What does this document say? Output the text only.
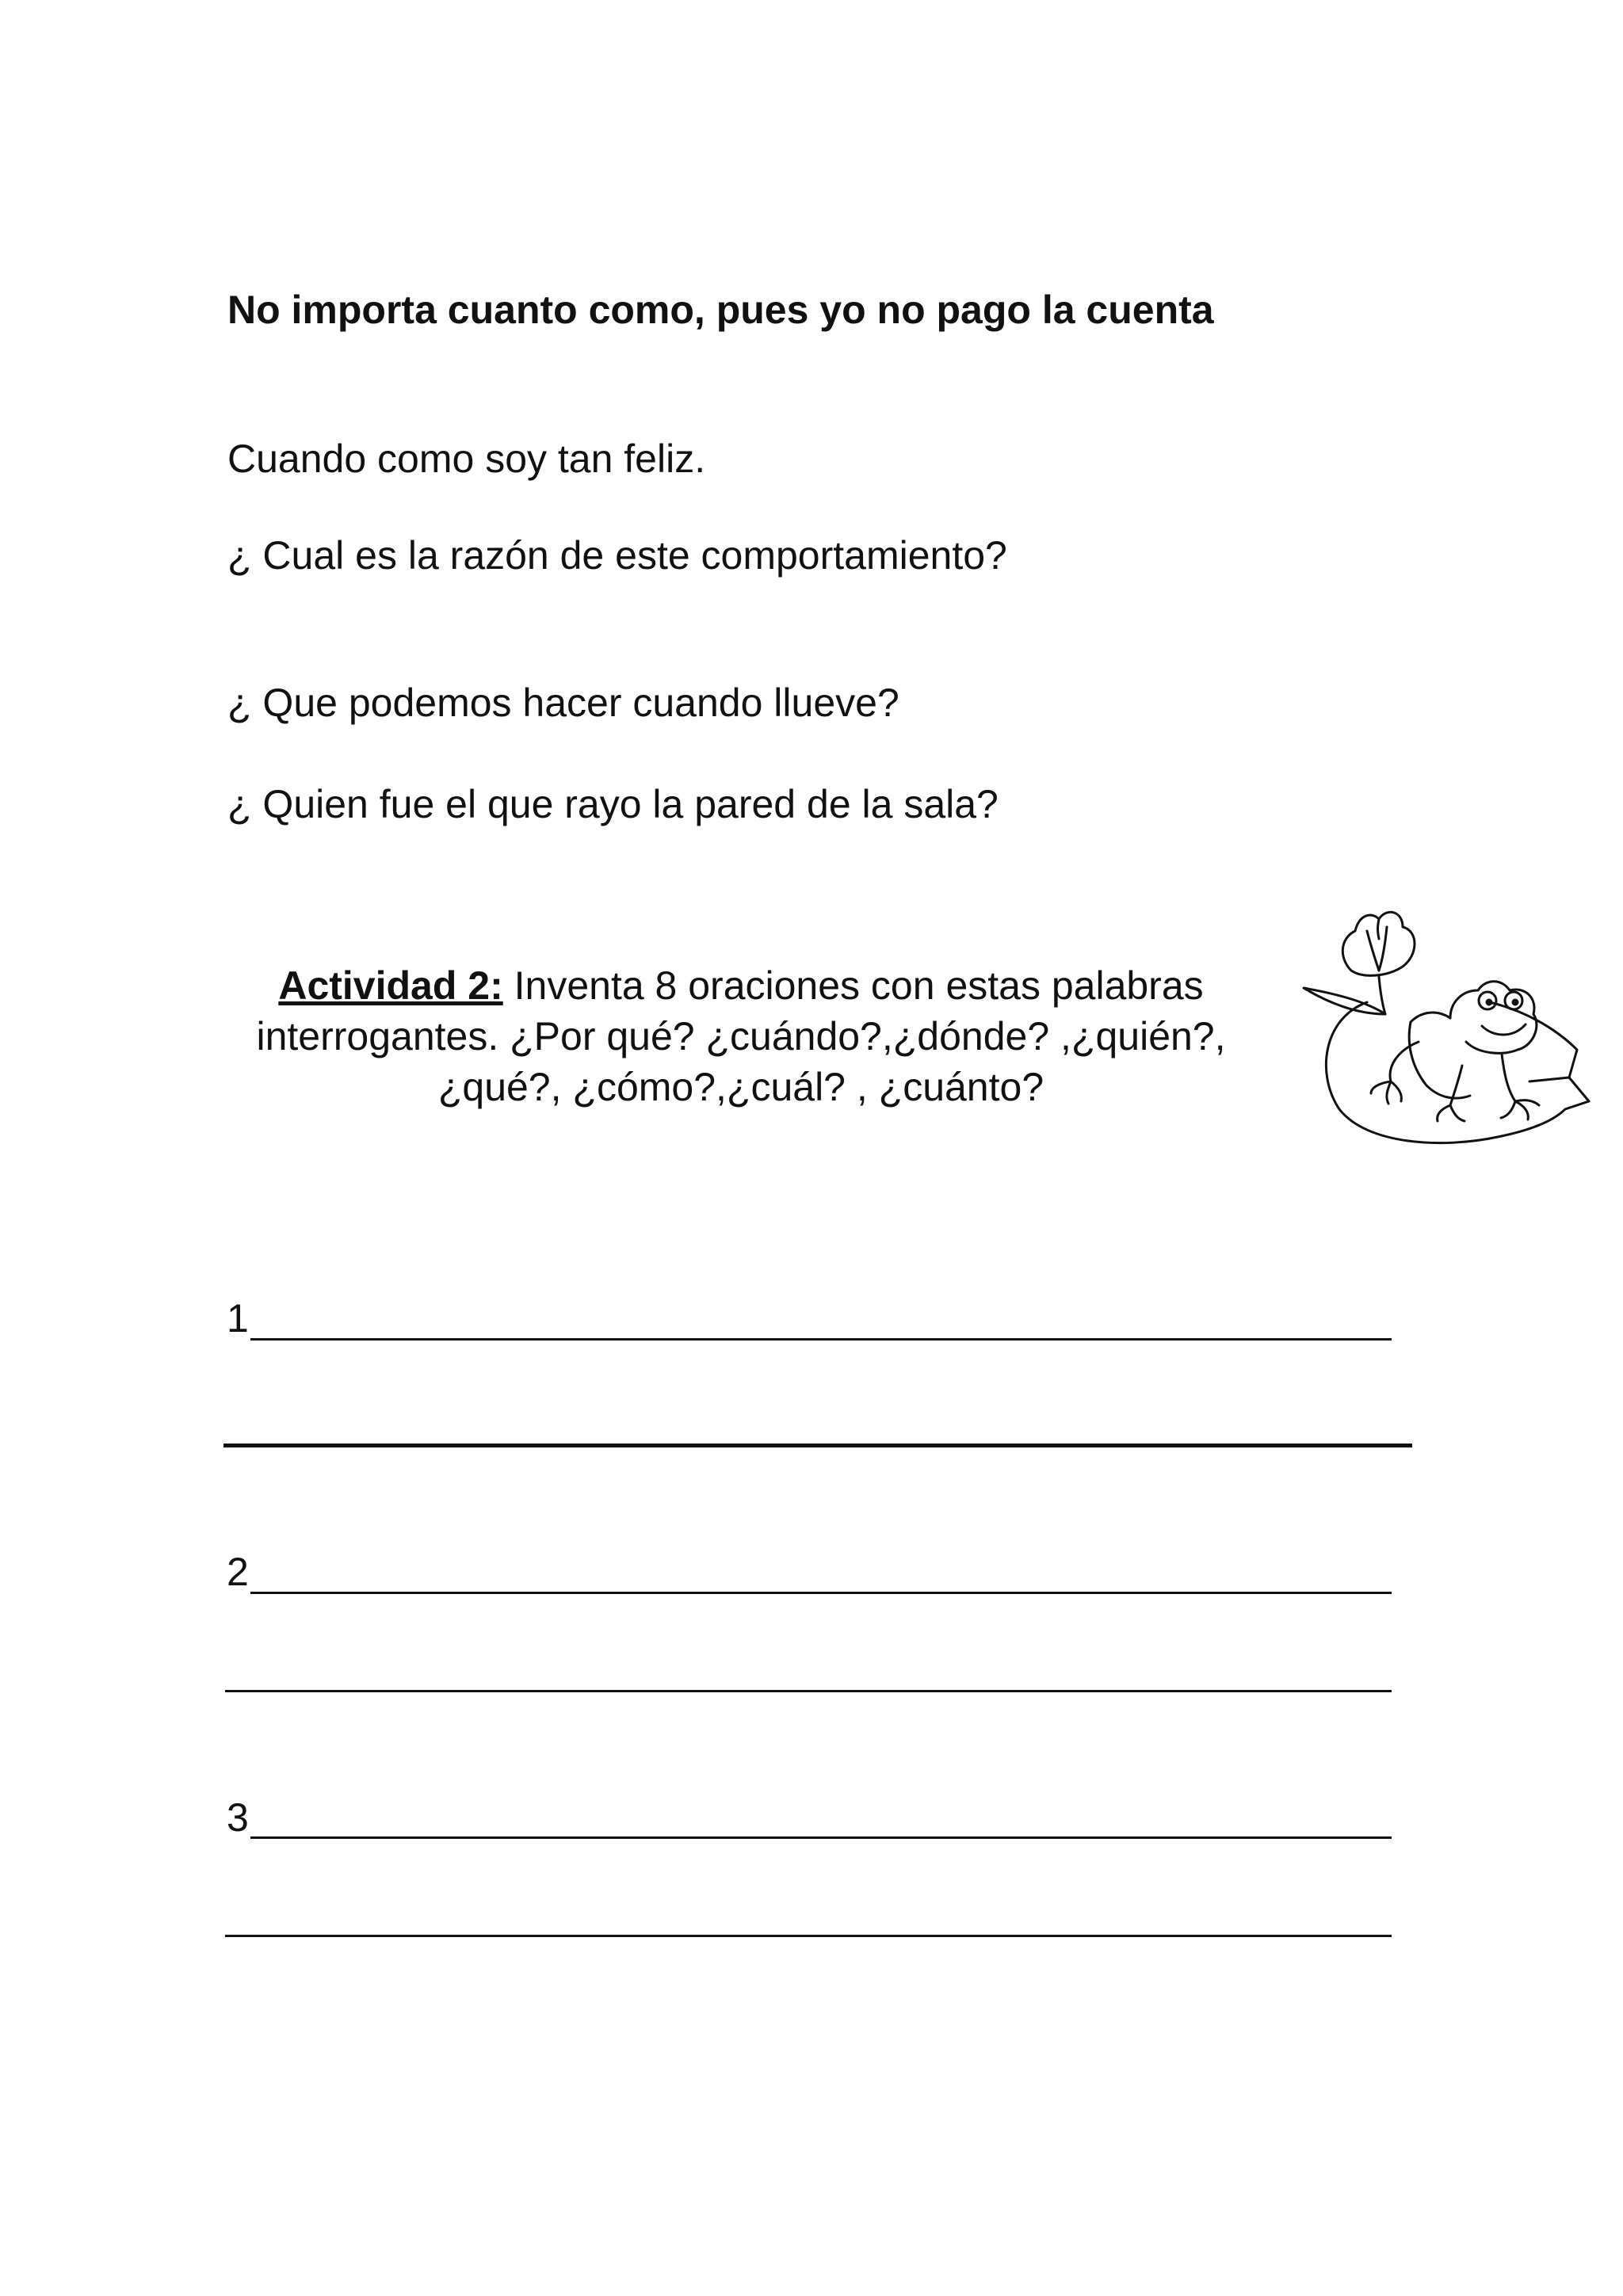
No importa cuanto como, pues yo no pago la cuenta
Cuando como soy tan feliz.
¿ Cual es la razón de este comportamiento?
¿ Que podemos hacer cuando llueve?
¿ Quien fue el que rayo la pared de la sala?
Actividad 2: Inventa 8 oraciones con estas palabras interrogantes. ¿Por qué? ¿cuándo?,¿dónde? ,¿quién?,¿qué?, ¿cómo?,¿cuál? , ¿cuánto?
1
2
3
